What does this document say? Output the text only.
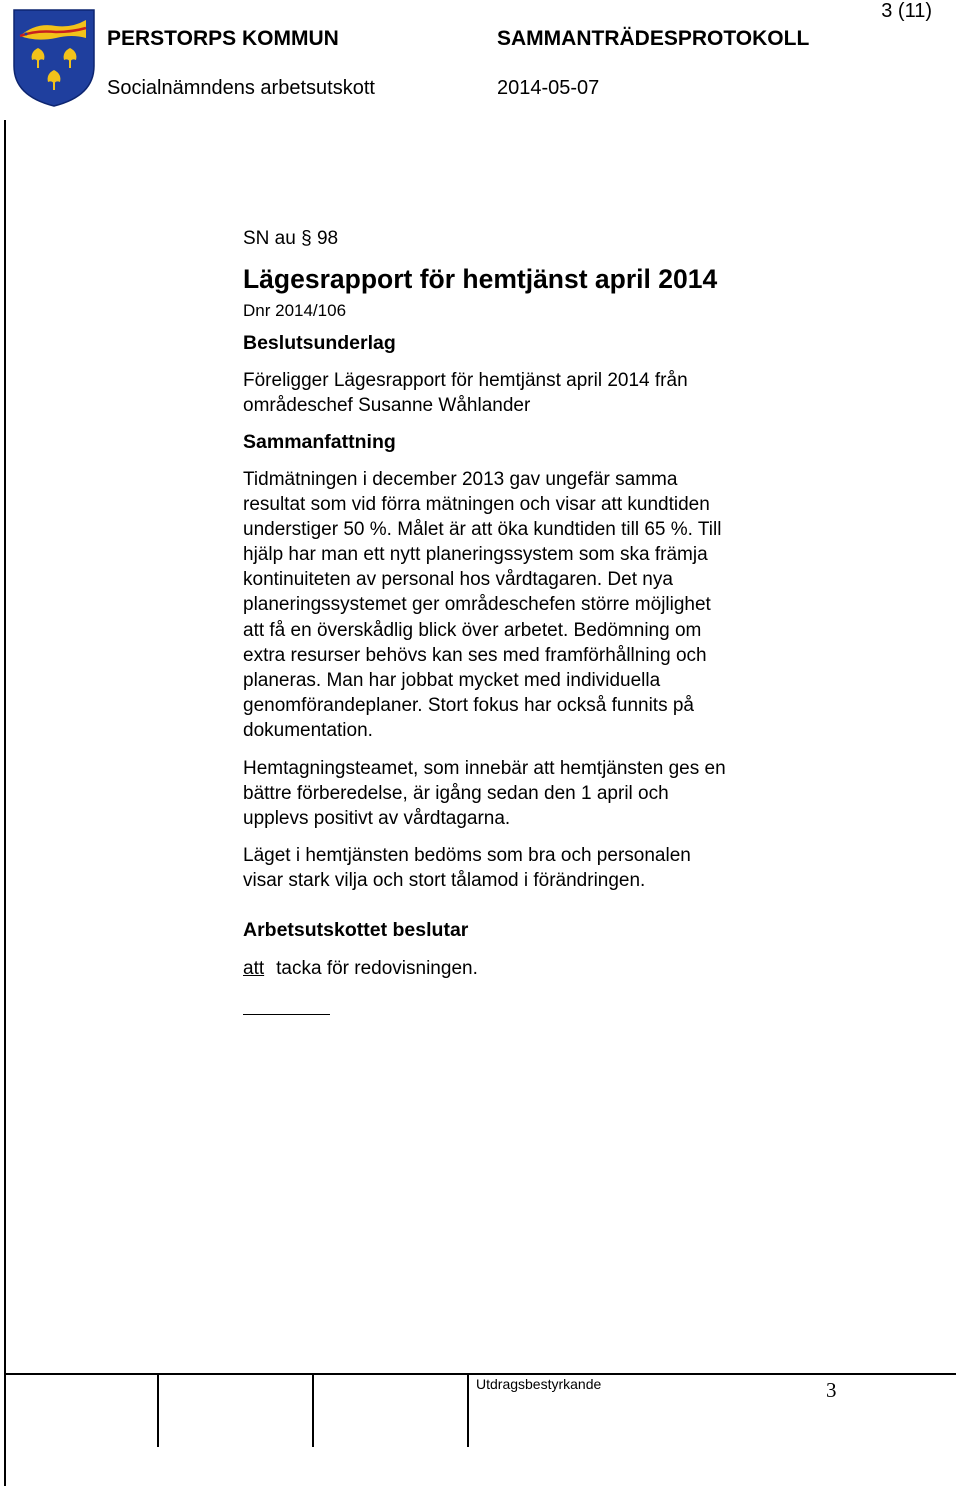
PERSTORPS KOMMUN	SAMMANTRÄDESPROTOKOLL
Socialnämndens arbetsutskott	2014-05-07
3 (11)
SN au § 98
Lägesrapport för hemtjänst april 2014
Dnr 2014/106
Beslutsunderlag
Föreligger Lägesrapport för hemtjänst april 2014 från
områdeschef Susanne Wåhlander
Sammanfattning
Tidmätningen i december 2013 gav ungefär samma
resultat som vid förra mätningen och visar att kundtiden
understiger 50 %. Målet är att öka kundtiden till 65 %. Till
hjälp har man ett nytt planeringssystem som ska främja
kontinuiteten av personal hos vårdtagaren. Det nya
planeringssystemet ger områdeschefen större möjlighet
att få en överskådlig blick över arbetet. Bedömning om
extra resurser behövs kan ses med framförhållning och
planeras. Man har jobbat mycket med individuella
genomförandeplaner. Stort fokus har också funnits på
dokumentation.
Hemtagningsteamet, som innebär att hemtjänsten ges en
bättre förberedelse, är igång sedan den 1 april och
upplevs positivt av vårdtagarna.
Läget i hemtjänsten bedöms som bra och personalen
visar stark vilja och stort tålamod i förändringen.
Arbetsutskottet beslutar
att tacka för redovisningen.
Utdragsbestyrkande	3
